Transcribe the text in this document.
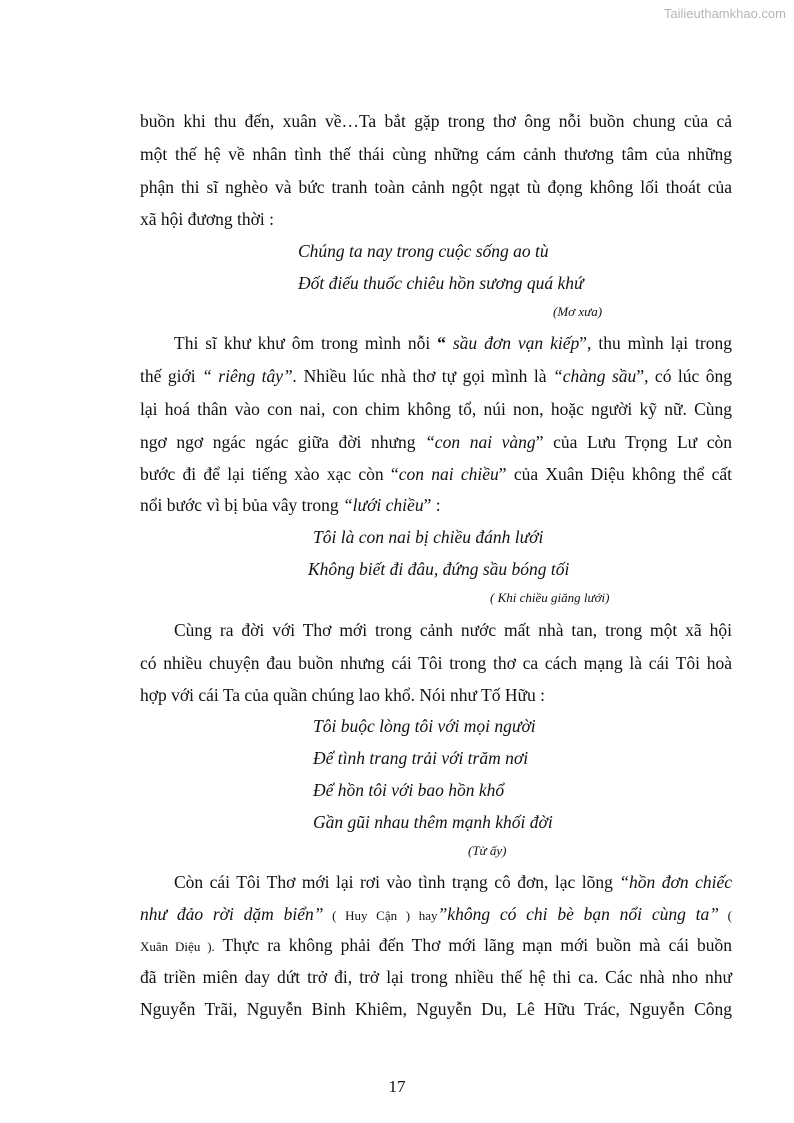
Tailieuthamkhao.com
buồn khi thu đến, xuân về…Ta bắt gặp trong thơ ông nỗi buồn chung của cả
một thế hệ về nhân tình thế thái cùng những cám cảnh thương tâm của những
phận thi sĩ nghèo và bức tranh toàn cảnh ngột ngạt tù đọng không lối thoát của
xã hội đương thời :
Chúng ta nay trong cuộc sống ao tù
Đốt điếu thuốc chiêu hồn sương quá khứ
(Mơ xưa)
Thi sĩ khư khư ôm trong mình nỗi “ sầu đơn vạn kiếp”, thu mình lại trong
thế giới “ riêng tây”. Nhiều lúc nhà thơ tự gọi mình là “chàng sầu”, có lúc ông
lại hoá thân vào con nai, con chim không tổ, núi non, hoặc người kỹ nữ. Cùng
ngơ ngơ ngác ngác giữa đời nhưng “con nai vàng” của Lưu Trọng Lư còn
bước đi để lại tiếng xào xạc còn “con nai chiều” của Xuân Diệu không thể cất
nổi bước vì bị bủa vây trong “lưới chiều” :
Tôi là con nai bị chiều đánh lưới
Không biết đi đâu, đứng sầu bóng tối
( Khi chiều giăng lưới)
Cùng ra đời với Thơ mới trong cảnh nước mất nhà tan, trong một xã hội
có nhiều chuyện đau buồn nhưng cái Tôi trong thơ ca cách mạng là cái Tôi hoà
hợp với cái Ta của quần chúng lao khổ. Nói như Tố Hữu :
Tôi buộc lòng tôi với mọi người
Để tình trang trải với trăm nơi
Để hồn tôi với bao hồn khổ
Gần gũi nhau thêm mạnh khối đời
(Từ ấy)
Còn cái Tôi Thơ mới lại rơi vào tình trạng cô đơn, lạc lõng “hồn đơn chiếc
như đảo rời dặm biển” ( Huy Cận ) hay”không có chi bè bạn nổi cùng ta” (
Xuân Diệu ). Thực ra không phải đến Thơ mới lãng mạn mới buồn mà cái buồn
đã triền miên day dứt trở đi, trở lại trong nhiều thế hệ thi ca. Các nhà nho như
Nguyễn Trãi, Nguyễn Bỉnh Khiêm, Nguyễn Du, Lê Hữu Trác, Nguyễn Công
17
